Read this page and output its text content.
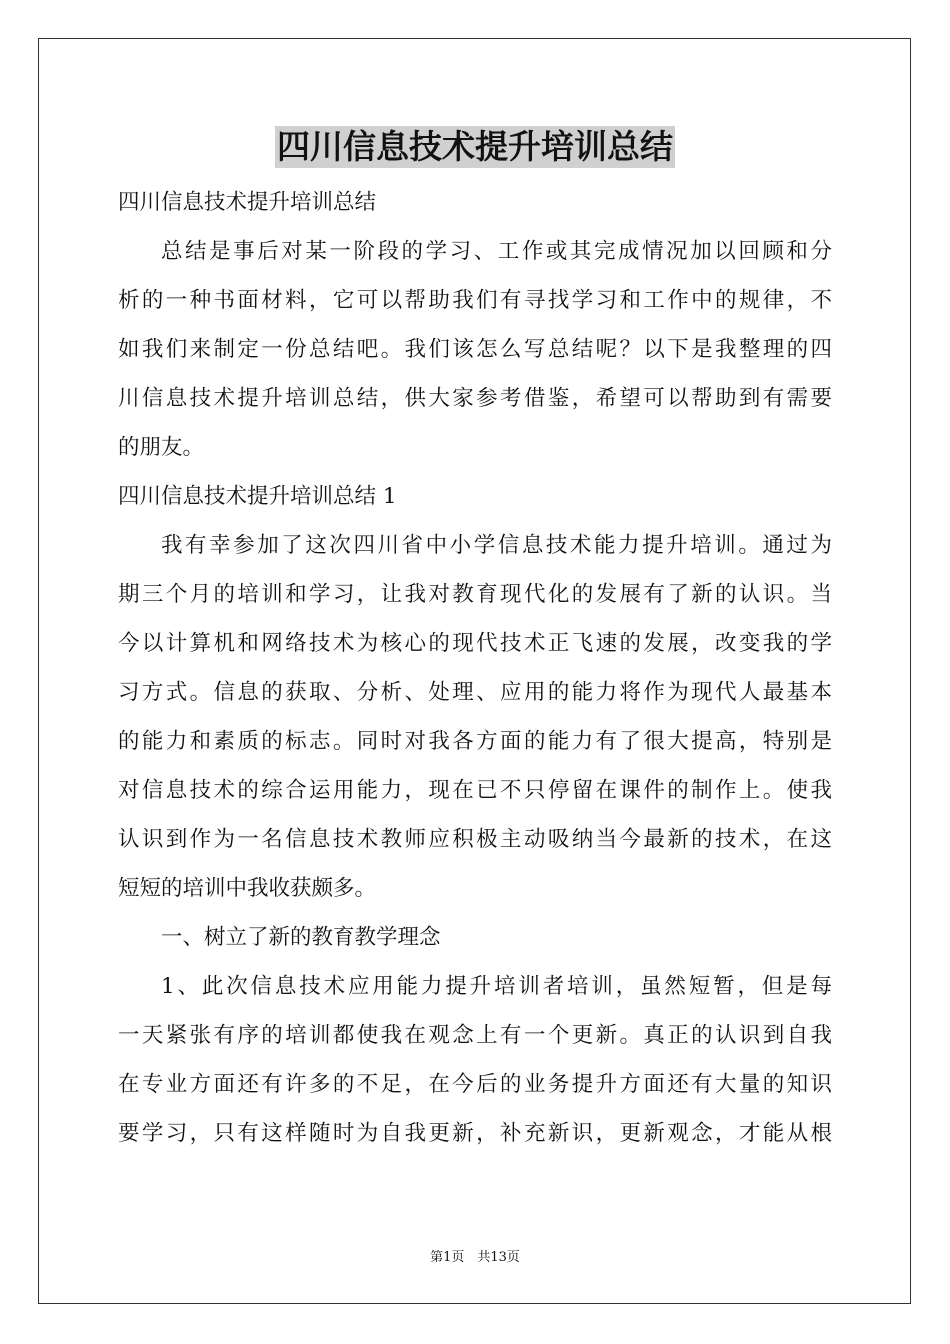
四川信息技术提升培训总结
四川信息技术提升培训总结
总结是事后对某一阶段的学习、工作或其完成情况加以回顾和分
析的一种书面材料，它可以帮助我们有寻找学习和工作中的规律，不
如我们来制定一份总结吧。我们该怎么写总结呢？以下是我整理的四
川信息技术提升培训总结，供大家参考借鉴，希望可以帮助到有需要
的朋友。
四川信息技术提升培训总结 1
我有幸参加了这次四川省中小学信息技术能力提升培训。通过为
期三个月的培训和学习，让我对教育现代化的发展有了新的认识。当
今以计算机和网络技术为核心的现代技术正飞速的发展，改变我的学
习方式。信息的获取、分析、处理、应用的能力将作为现代人最基本
的能力和素质的标志。同时对我各方面的能力有了很大提高，特别是
对信息技术的综合运用能力，现在已不只停留在课件的制作上。使我
认识到作为一名信息技术教师应积极主动吸纳当今最新的技术，在这
短短的培训中我收获颇多。
一、树立了新的教育教学理念
1、此次信息技术应用能力提升培训者培训，虽然短暂，但是每
一天紧张有序的培训都使我在观念上有一个更新。真正的认识到自我
在专业方面还有许多的不足，在今后的业务提升方面还有大量的知识
要学习，只有这样随时为自我更新，补充新识，更新观念，才能从根
第1页　共13页
